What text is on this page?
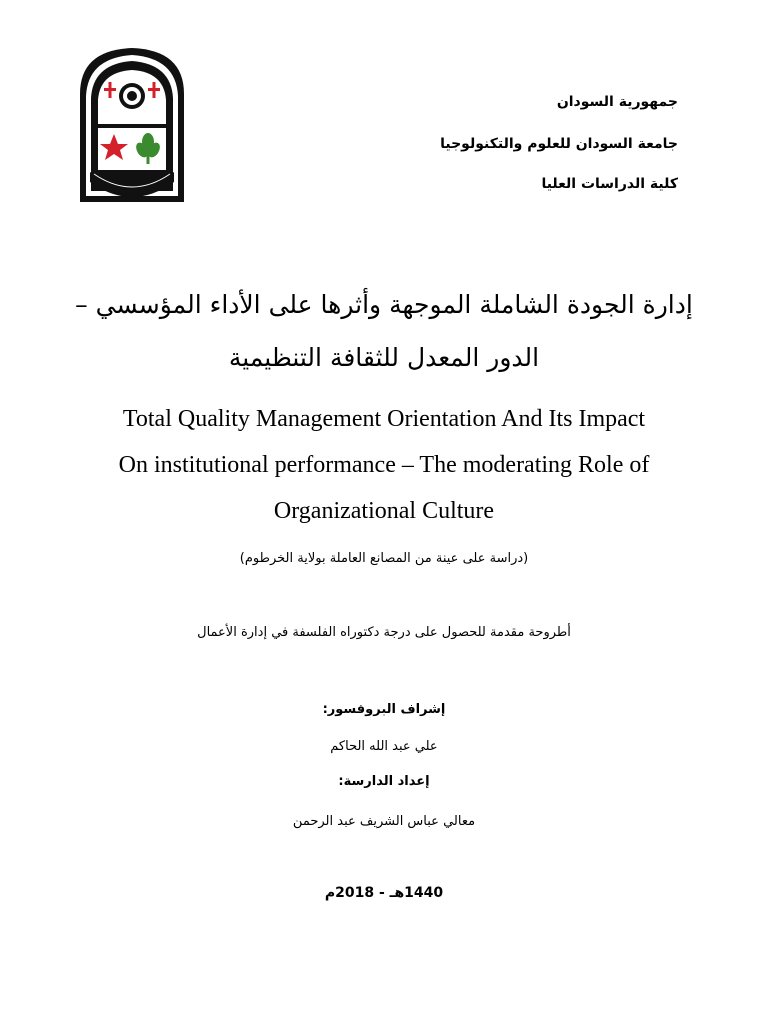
جمهورية السودان
جامعة السودان للعلوم والتكنولوجيا
كلية الدراسات العليا
إدارة الجودة الشاملة الموجهة وأثرها على الأداء المؤسسي –
الدور المعدل للثقافة التنظيمية
Total Quality Management Orientation And Its Impact
On institutional performance – The moderating Role of
Organizational Culture
(دراسة على عينة من المصانع العاملة بولاية الخرطوم)
أطروحة مقدمة للحصول على درجة دكتوراه الفلسفة في إدارة الأعمال
إشراف البروفسور:
علي عبد الله الحاكم
إعداد الدارسة:
معالي عباس الشريف عبد الرحمن
1440هـ - 2018م
